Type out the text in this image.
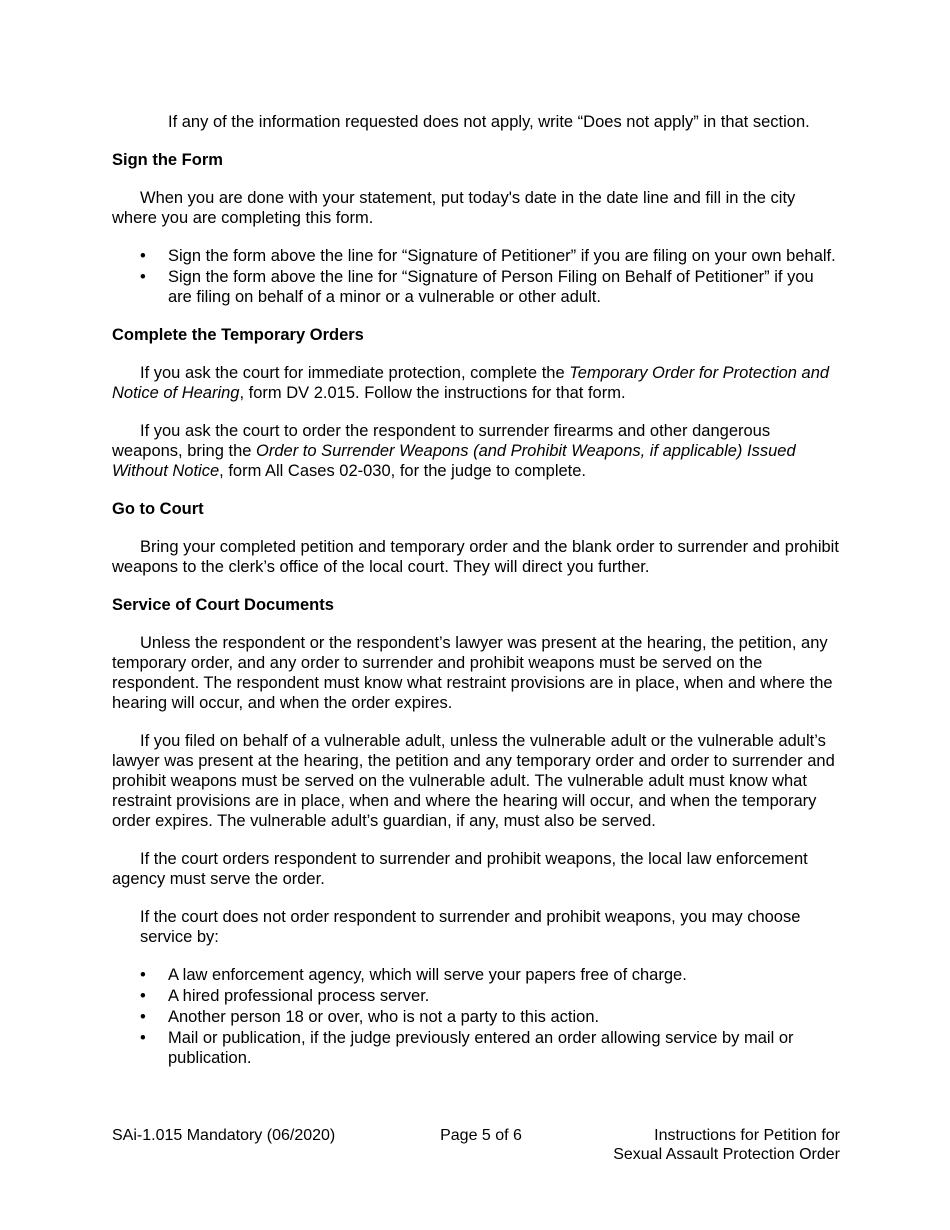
If any of the information requested does not apply, write “Does not apply” in that section.

Sign the Form

When you are done with your statement, put today's date in the date line and fill in the city where you are completing this form.

• Sign the form above the line for “Signature of Petitioner” if you are filing on your own behalf.
• Sign the form above the line for “Signature of Person Filing on Behalf of Petitioner” if you are filing on behalf of a minor or a vulnerable or other adult.
Complete the Temporary Orders

If you ask the court for immediate protection, complete the Temporary Order for Protection and Notice of Hearing, form DV 2.015. Follow the instructions for that form.

If you ask the court to order the respondent to surrender firearms and other dangerous weapons, bring the Order to Surrender Weapons (and Prohibit Weapons, if applicable) Issued Without Notice, form All Cases 02-030, for the judge to complete.

Go to Court

Bring your completed petition and temporary order and the blank order to surrender and prohibit weapons to the clerk’s office of the local court. They will direct you further.

Service of Court Documents

Unless the respondent or the respondent’s lawyer was present at the hearing, the petition, any temporary order, and any order to surrender and prohibit weapons must be served on the respondent. The respondent must know what restraint provisions are in place, when and where the hearing will occur, and when the order expires.

If you filed on behalf of a vulnerable adult, unless the vulnerable adult or the vulnerable adult’s lawyer was present at the hearing, the petition and any temporary order and order to surrender and prohibit weapons must be served on the vulnerable adult. The vulnerable adult must know what restraint provisions are in place, when and where the hearing will occur, and when the temporary order expires. The vulnerable adult’s guardian, if any, must also be served.

If the court orders respondent to surrender and prohibit weapons, the local law enforcement agency must serve the order.

If the court does not order respondent to surrender and prohibit weapons, you may choose service by:

• A law enforcement agency, which will serve your papers free of charge.
• A hired professional process server.
• Another person 18 or over, who is not a party to this action.
• Mail or publication, if the judge previously entered an order allowing service by mail or publication.
SAi-1.015 Mandatory (06/2020)	Page 5 of 6	Instructions for Petition for
Sexual Assault Protection Order
